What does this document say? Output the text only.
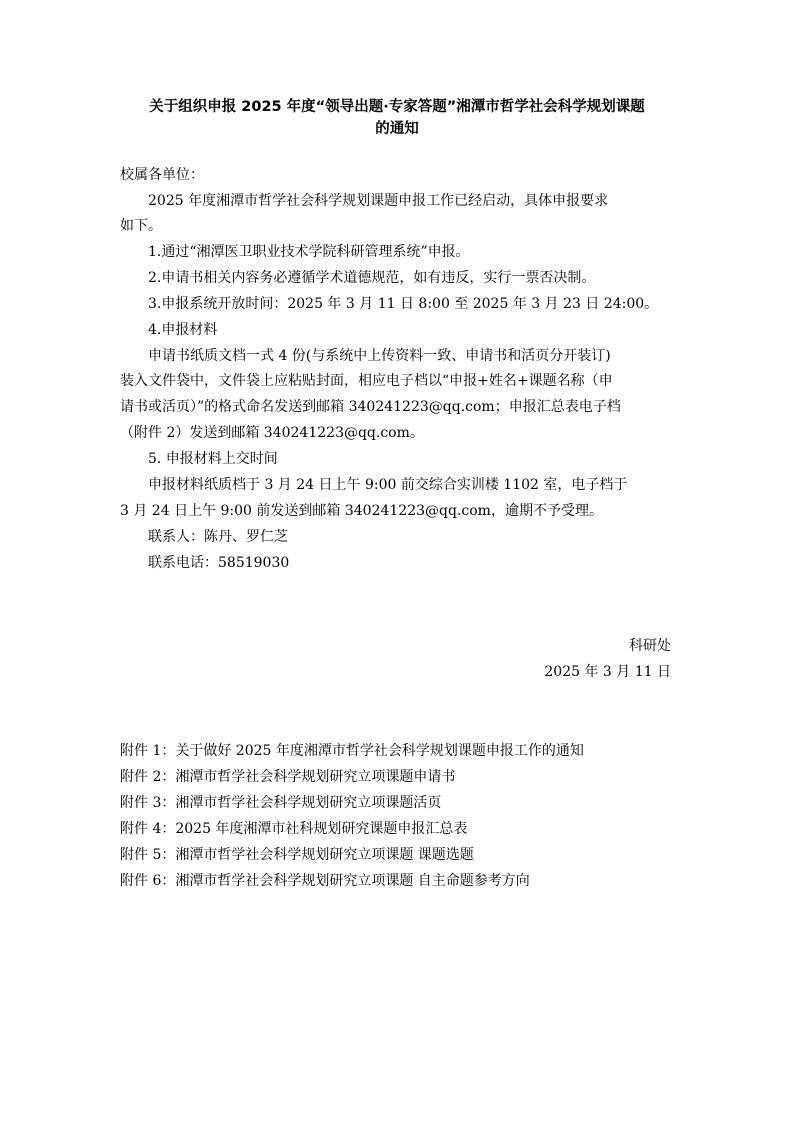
关于组织申报 2025 年度“领导出题·专家答题”湘潭市哲学社会科学规划课题
的通知
校属各单位：
2025 年度湘潭市哲学社会科学规划课题申报工作已经启动，具体申报要求
如下。
1.通过“湘潭医卫职业技术学院科研管理系统”申报。
2.申请书相关内容务必遵循学术道德规范，如有违反，实行一票否决制。
3.申报系统开放时间：2025 年 3 月 11 日 8:00 至 2025 年 3 月 23 日 24:00。
4.申报材料
申请书纸质文档一式 4 份(与系统中上传资料一致、申请书和活页分开装订)
装入文件袋中，文件袋上应粘贴封面，相应电子档以“申报+姓名+课题名称（申
请书或活页）”的格式命名发送到邮箱 340241223@qq.com；申报汇总表电子档
（附件 2）发送到邮箱 340241223@qq.com。
5. 申报材料上交时间
申报材料纸质档于 3 月 24 日上午 9:00 前交综合实训楼 1102 室，电子档于
3 月 24 日上午 9:00 前发送到邮箱 340241223@qq.com，逾期不予受理。
联系人：陈丹、罗仁芝
联系电话：58519030
科研处
2025 年 3 月 11 日
附件 1：关于做好 2025 年度湘潭市哲学社会科学规划课题申报工作的通知
附件 2：湘潭市哲学社会科学规划研究立项课题申请书
附件 3：湘潭市哲学社会科学规划研究立项课题活页
附件 4：2025 年度湘潭市社科规划研究课题申报汇总表
附件 5：湘潭市哲学社会科学规划研究立项课题 课题选题
附件 6：湘潭市哲学社会科学规划研究立项课题 自主命题参考方向
